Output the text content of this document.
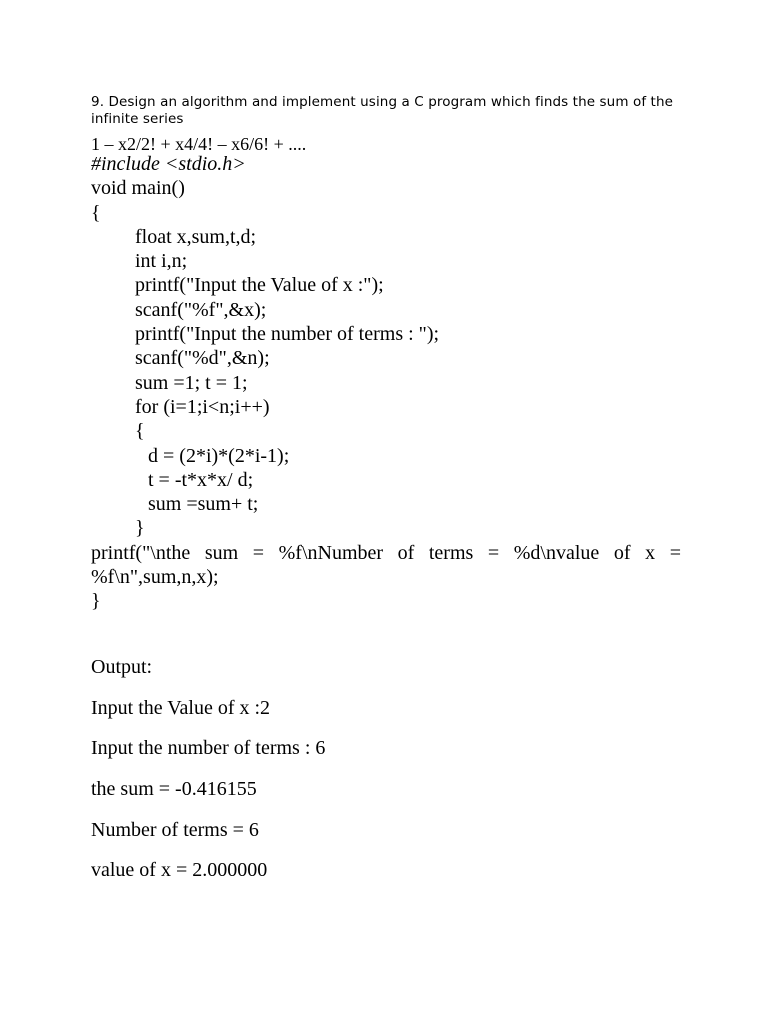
9. Design an algorithm and implement using a C program which finds the sum of the infinite series
1 – x2/2! + x4/4! – x6/6! + ....
#include <stdio.h>
void main()
{
float x,sum,t,d;
int i,n;
printf("Input the Value of x :");
scanf("%f",&x);
printf("Input the number of terms : ");
scanf("%d",&n);
sum =1; t = 1;
for (i=1;i<n;i++)
{
d = (2*i)*(2*i-1);
t = -t*x*x/ d;
sum =sum+ t;
}
printf("\nthe sum = %f\nNumber of terms = %d\nvalue of x = %f\n",sum,n,x);
}
Output:
Input the Value of x :2
Input the number of terms : 6
the sum = -0.416155
Number of terms = 6
value of x = 2.000000
